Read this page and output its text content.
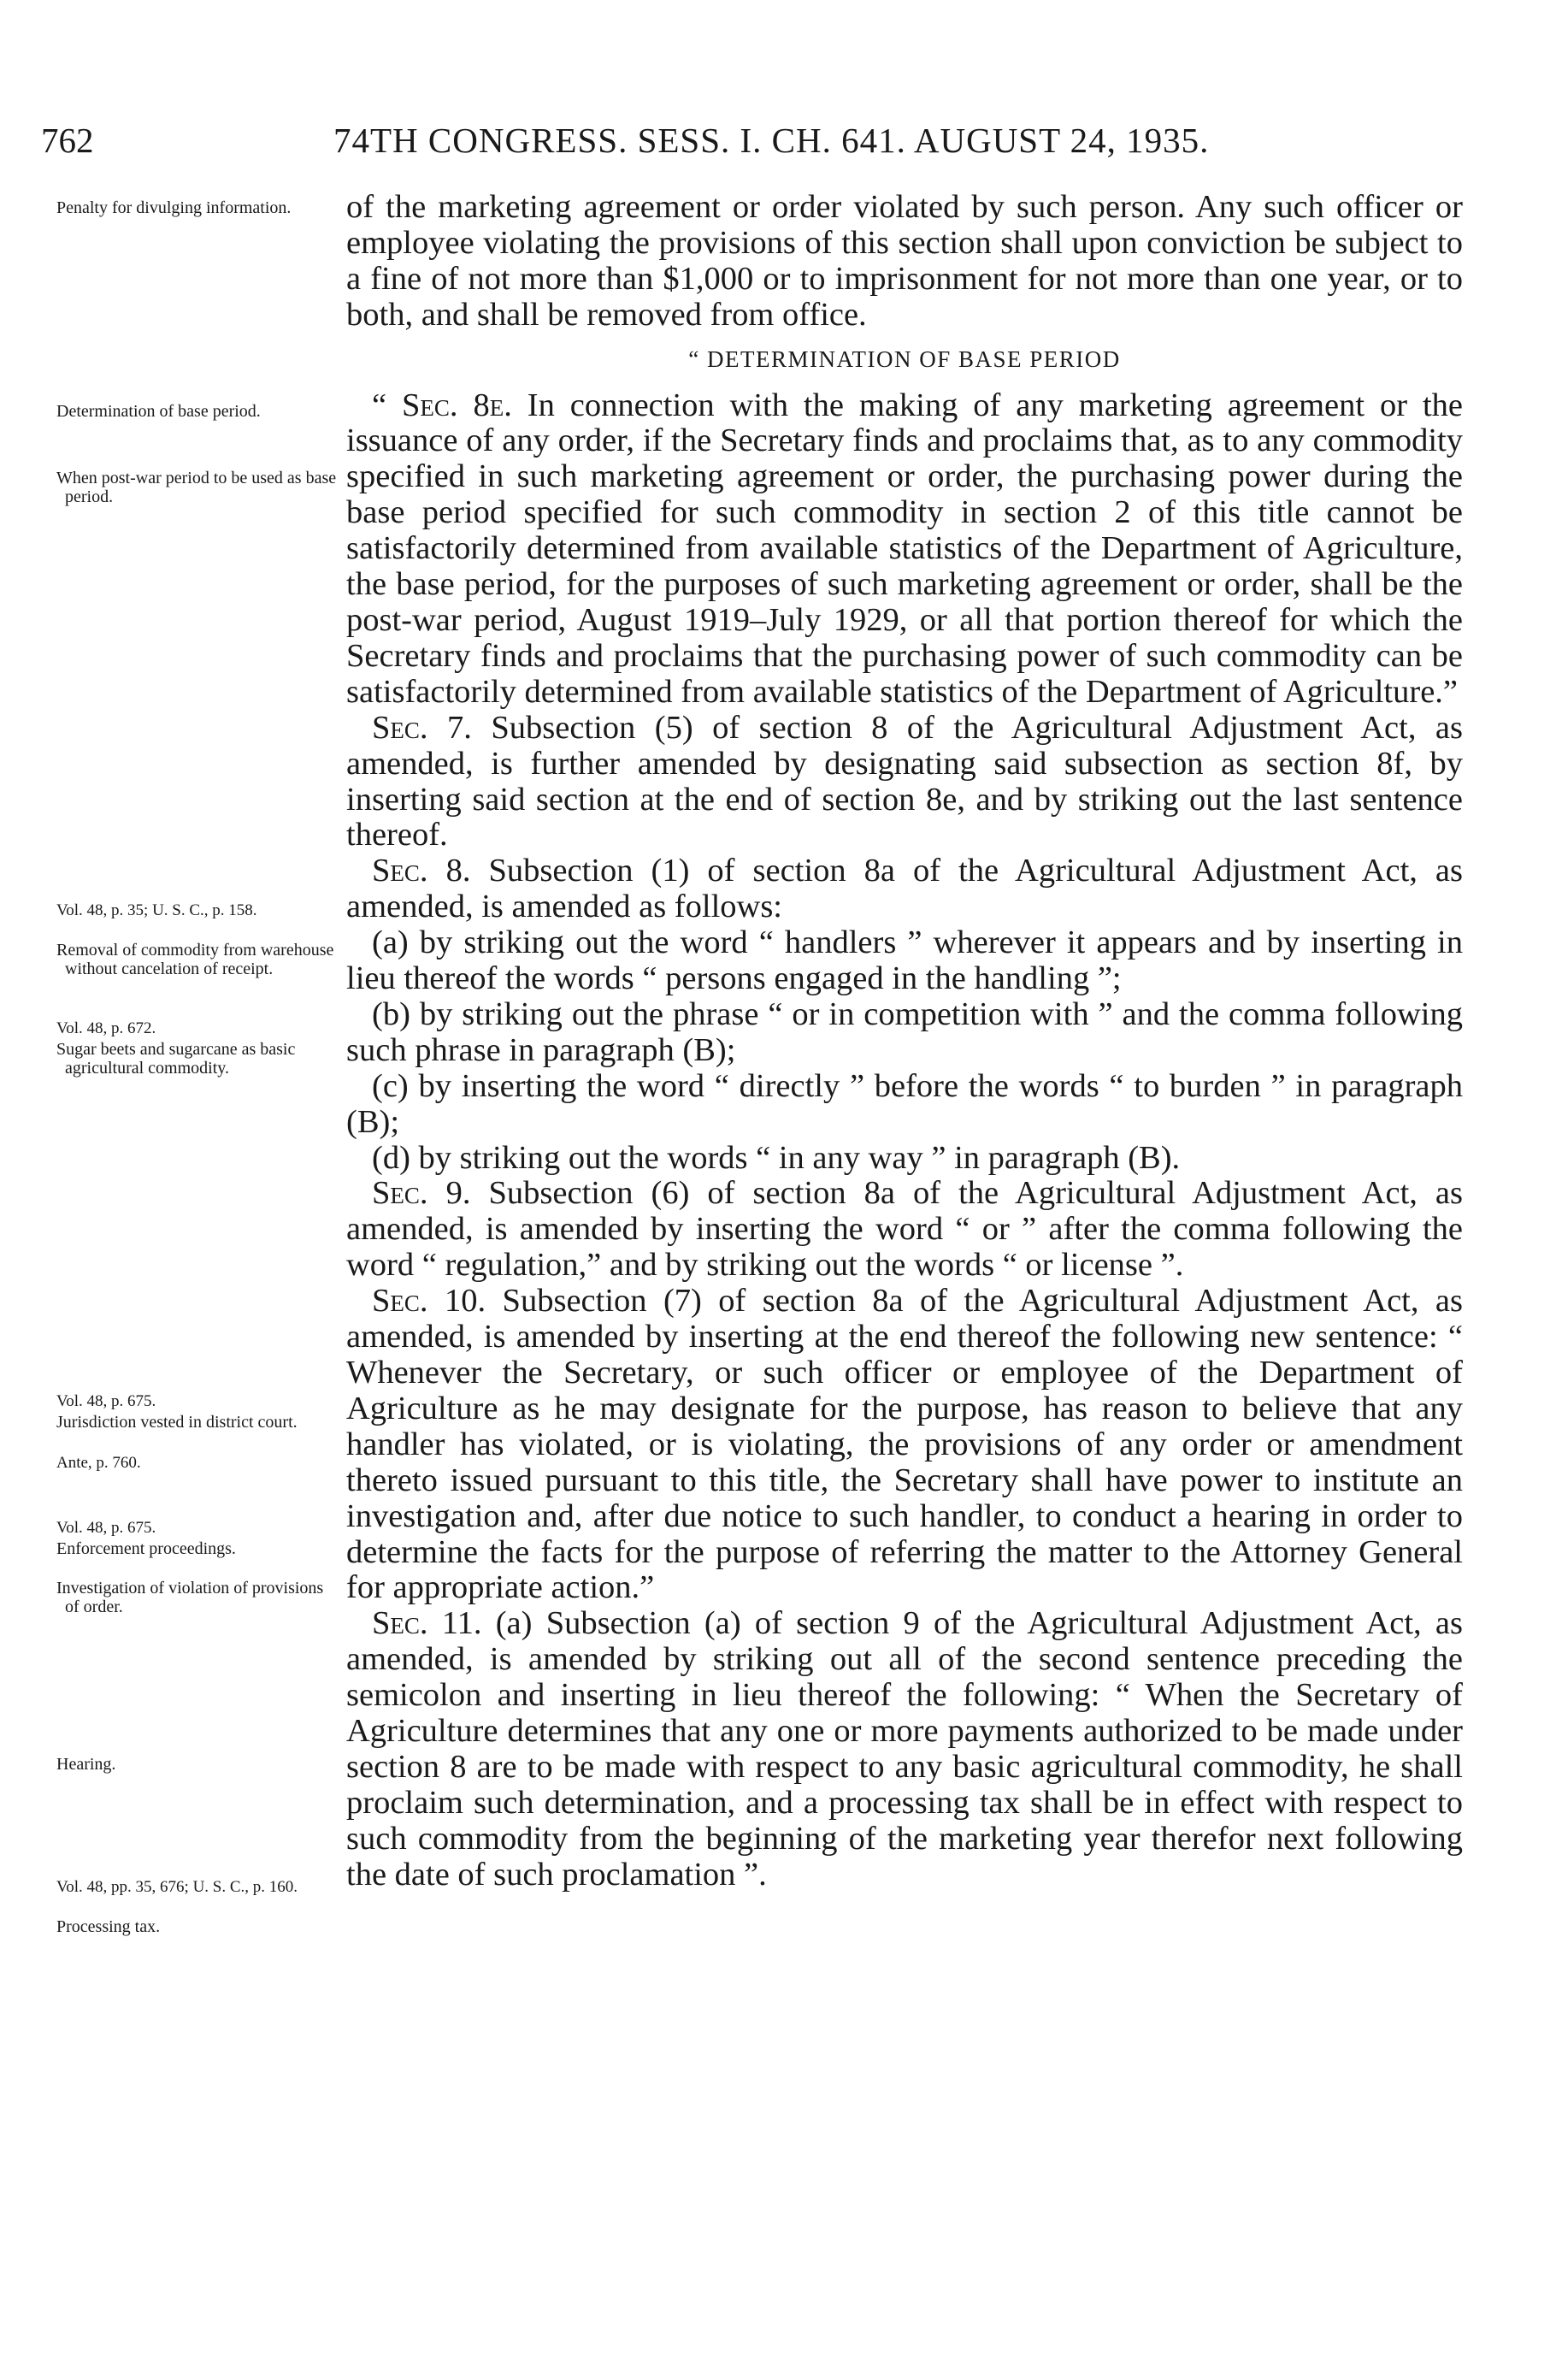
762	74TH CONGRESS. SESS. I. CH. 641. AUGUST 24, 1935.
Penalty for divulging information.
Determination of base period.
When post-war period to be used as base period.
Vol. 48, p. 35; U. S. C., p. 158.
Removal of commodity from warehouse without cancelation of receipt.
Vol. 48, p. 672.
Sugar beets and sugarcane as basic agricultural commodity.
Vol. 48, p. 675.
Jurisdiction vested in district court.
Ante, p. 760.
Vol. 48, p. 675.
Enforcement proceedings.
Investigation of violation of provisions of order.
Hearing.
Vol. 48, pp. 35, 676; U. S. C., p. 160.
Processing tax.

of the marketing agreement or order violated by such person. Any such officer or employee violating the provisions of this section shall upon conviction be subject to a fine of not more than $1,000 or to imprisonment for not more than one year, or to both, and shall be removed from office.

“ DETERMINATION OF BASE PERIOD

“ Sec. 8e. In connection with the making of any marketing agreement or the issuance of any order, if the Secretary finds and proclaims that, as to any commodity specified in such marketing agreement or order, the purchasing power during the base period specified for such commodity in section 2 of this title cannot be satisfactorily determined from available statistics of the Department of Agriculture, the base period, for the purposes of such marketing agreement or order, shall be the post-war period, August 1919–July 1929, or all that portion thereof for which the Secretary finds and proclaims that the purchasing power of such commodity can be satisfactorily determined from available statistics of the Department of Agriculture.”

Sec. 7. Subsection (5) of section 8 of the Agricultural Adjustment Act, as amended, is further amended by designating said subsection as section 8f, by inserting said section at the end of section 8e, and by striking out the last sentence thereof.

Sec. 8. Subsection (1) of section 8a of the Agricultural Adjustment Act, as amended, is amended as follows:

(a) by striking out the word “ handlers ” wherever it appears and by inserting in lieu thereof the words “ persons engaged in the handling ”;

(b) by striking out the phrase “ or in competition with ” and the comma following such phrase in paragraph (B);

(c) by inserting the word “ directly ” before the words “ to burden ” in paragraph (B);

(d) by striking out the words “ in any way ” in paragraph (B).

Sec. 9. Subsection (6) of section 8a of the Agricultural Adjustment Act, as amended, is amended by inserting the word “ or ” after the comma following the word “ regulation,” and by striking out the words “ or license ”.

Sec. 10. Subsection (7) of section 8a of the Agricultural Adjustment Act, as amended, is amended by inserting at the end thereof the following new sentence: “ Whenever the Secretary, or such officer or employee of the Department of Agriculture as he may designate for the purpose, has reason to believe that any handler has violated, or is violating, the provisions of any order or amendment thereto issued pursuant to this title, the Secretary shall have power to institute an investigation and, after due notice to such handler, to conduct a hearing in order to determine the facts for the purpose of referring the matter to the Attorney General for appropriate action.”

Sec. 11. (a) Subsection (a) of section 9 of the Agricultural Adjustment Act, as amended, is amended by striking out all of the second sentence preceding the semicolon and inserting in lieu thereof the following: “ When the Secretary of Agriculture determines that any one or more payments authorized to be made under section 8 are to be made with respect to any basic agricultural commodity, he shall proclaim such determination, and a processing tax shall be in effect with respect to such commodity from the beginning of the marketing year therefor next following the date of such proclamation ”.
